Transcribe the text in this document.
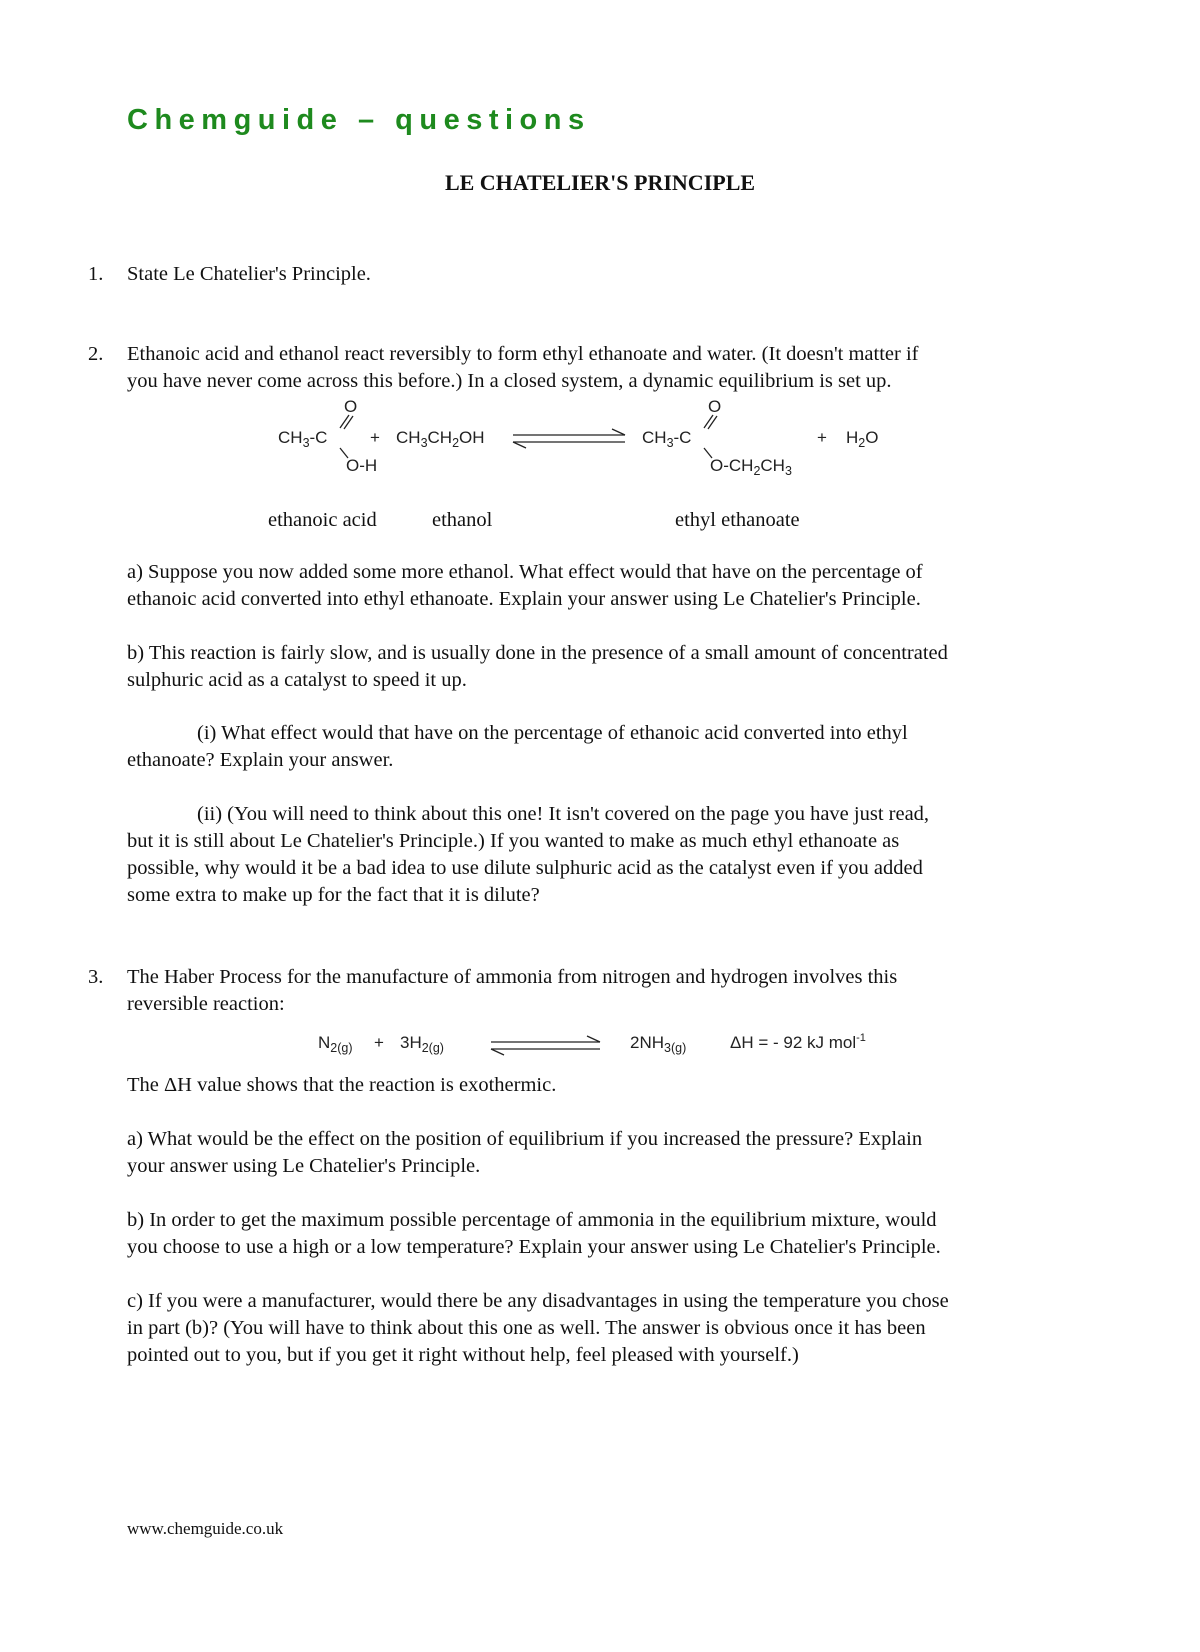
Chemguide – questions
LE CHATELIER'S PRINCIPLE
1. State Le Chatelier's Principle.
2. Ethanoic acid and ethanol react reversibly to form ethyl ethanoate and water. (It doesn't matter if
you have never come across this before.) In a closed system, a dynamic equilibrium is set up.
O
$CH_3-C$
O-H
+ $CH_3CH_2OH$
O
$CH_3-C$
$O-CH_2CH_3$
+ $H_2O$
ethanoic acid	ethanol	ethyl ethanoate
a) Suppose you now added some more ethanol. What effect would that have on the percentage of
ethanoic acid converted into ethyl ethanoate. Explain your answer using Le Chatelier's Principle.
b) This reaction is fairly slow, and is usually done in the presence of a small amount of concentrated
sulphuric acid as a catalyst to speed it up.
(i) What effect would that have on the percentage of ethanoic acid converted into ethyl
ethanoate? Explain your answer.
(ii) (You will need to think about this one! It isn't covered on the page you have just read,
but it is still about Le Chatelier's Principle.) If you wanted to make as much ethyl ethanoate as
possible, why would it be a bad idea to use dilute sulphuric acid as the catalyst even if you added
some extra to make up for the fact that it is dilute?
3. The Haber Process for the manufacture of ammonia from nitrogen and hydrogen involves this
reversible reaction:
$N_{2(g)} + 3H_{2(g)}$	$2NH_{3(g)}$	ΔH = - 92 kJ mol$^{-1}$
The ΔH value shows that the reaction is exothermic.
a) What would be the effect on the position of equilibrium if you increased the pressure? Explain
your answer using Le Chatelier's Principle.
b) In order to get the maximum possible percentage of ammonia in the equilibrium mixture, would
you choose to use a high or a low temperature? Explain your answer using Le Chatelier's Principle.
c) If you were a manufacturer, would there be any disadvantages in using the temperature you chose
in part (b)? (You will have to think about this one as well. The answer is obvious once it has been
pointed out to you, but if you get it right without help, feel pleased with yourself.)
www.chemguide.co.uk
